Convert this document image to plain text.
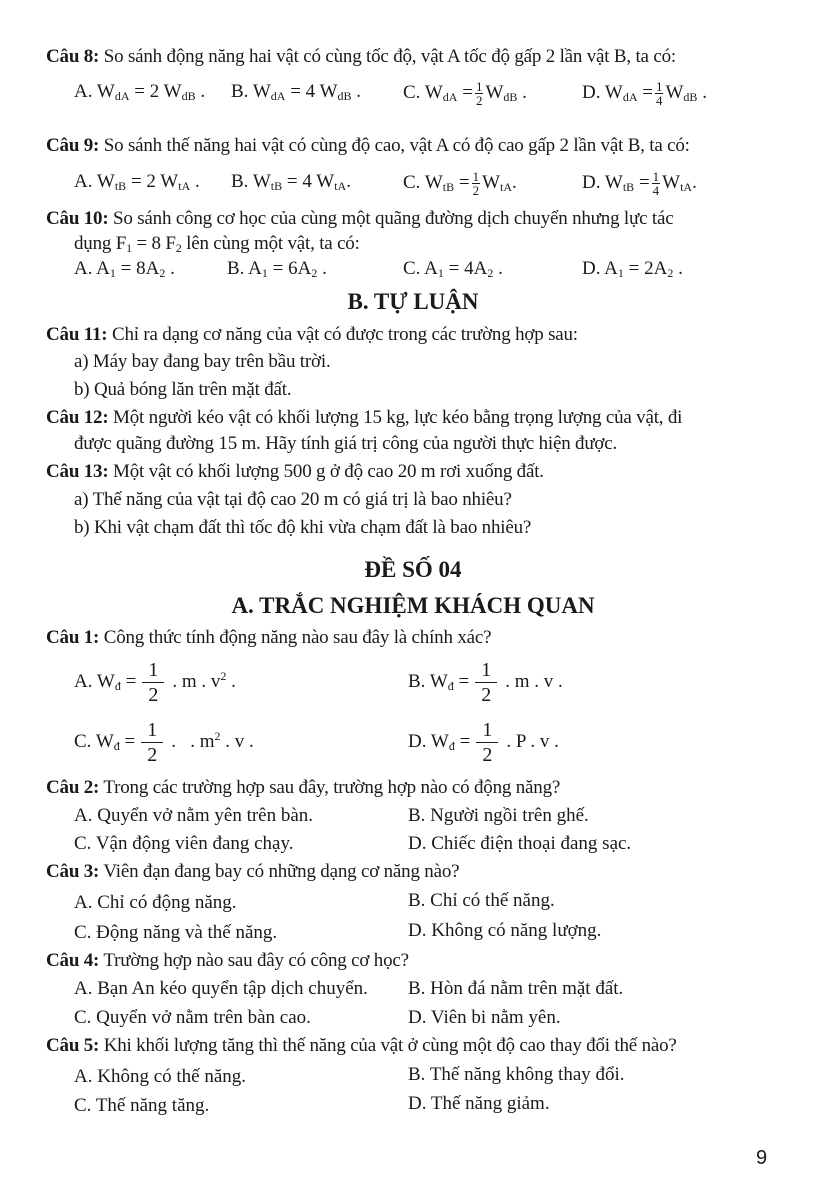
Câu 8: So sánh động năng hai vật có cùng tốc độ, vật A tốc độ gấp 2 lần vật B, ta có:
A. $W_{dA} = 2$ $W_{dB}$ . B. $W_{dA} = 4$ $W_{dB}$ . C. $W_{dA} = \frac{1}{2} W_{dB}$ .	D. $W_{dA} = \frac{1}{4} W_{dB}$ .
Câu 9: So sánh thế năng hai vật có cùng độ cao, vật A có độ cao gấp 2 lần vật B, ta có:
A. $W_{tB} = 2$ $W_{tA}$ . B. $W_{tB} = 4$ $W_{tA}$.	C. $W_{tB} = \frac{1}{2} W_{tA}$.	D. $W_{tB} = \frac{1}{4} W_{tA}$.
Câu 10: So sánh công cơ học của cùng một quãng đường dịch chuyển nhưng lực tác
dụng $F_1 = 8$ $F_2$ lên cùng một vật, ta có:
A. $A_1 = 8A_2$ .	B. $A_1 = 6A_2$ .	C. $A_1 = 4A_2$ .	D. $A_1 = 2A_2$ .
B. TỰ LUẬN
Câu 11: Chỉ ra dạng cơ năng của vật có được trong các trường hợp sau:
a) Máy bay đang bay trên bầu trời.
b) Quả bóng lăn trên mặt đất.
Câu 12: Một người kéo vật có khối lượng 15 kg, lực kéo bằng trọng lượng của vật, đi
được quãng đường 15 m. Hãy tính giá trị công của người thực hiện được.
Câu 13: Một vật có khối lượng 500 g ở độ cao 20 m rơi xuống đất.
a) Thế năng của vật tại độ cao 20 m có giá trị là bao nhiêu?
b) Khi vật chạm đất thì tốc độ khi vừa chạm đất là bao nhiêu?
ĐỀ SỐ 04
A. TRẮC NGHIỆM KHÁCH QUAN
Câu 1: Công thức tính động năng nào sau đây là chính xác?
A. $W_đ = \frac{1}{2}$ . m . $v^2$ .	B. $W_đ = \frac{1}{2}$ . m . v .
C. $W_đ = \frac{1}{2}$ .   . $m^2$ . v .	D. $W_đ = \frac{1}{2}$ . P . v .
Câu 2: Trong các trường hợp sau đây, trường hợp nào có động năng?
A. Quyển vở nằm yên trên bàn.	B. Người ngồi trên ghế.
C. Vận động viên đang chạy.	D. Chiếc điện thoại đang sạc.
Câu 3: Viên đạn đang bay có những dạng cơ năng nào?
A. Chỉ có động năng.	B. Chỉ có thế năng.
C. Động năng và thế năng.	D. Không có năng lượng.
Câu 4: Trường hợp nào sau đây có công cơ học?
A. Bạn An kéo quyển tập dịch chuyển. B. Hòn đá nằm trên mặt đất.
C. Quyển vở nằm trên bàn cao.	D. Viên bi nằm yên.
Câu 5: Khi khối lượng tăng thì thế năng của vật ở cùng một độ cao thay đổi thế nào?
A. Không có thế năng.	B. Thế năng không thay đổi.
C. Thế năng tăng.	D. Thế năng giảm.
9
